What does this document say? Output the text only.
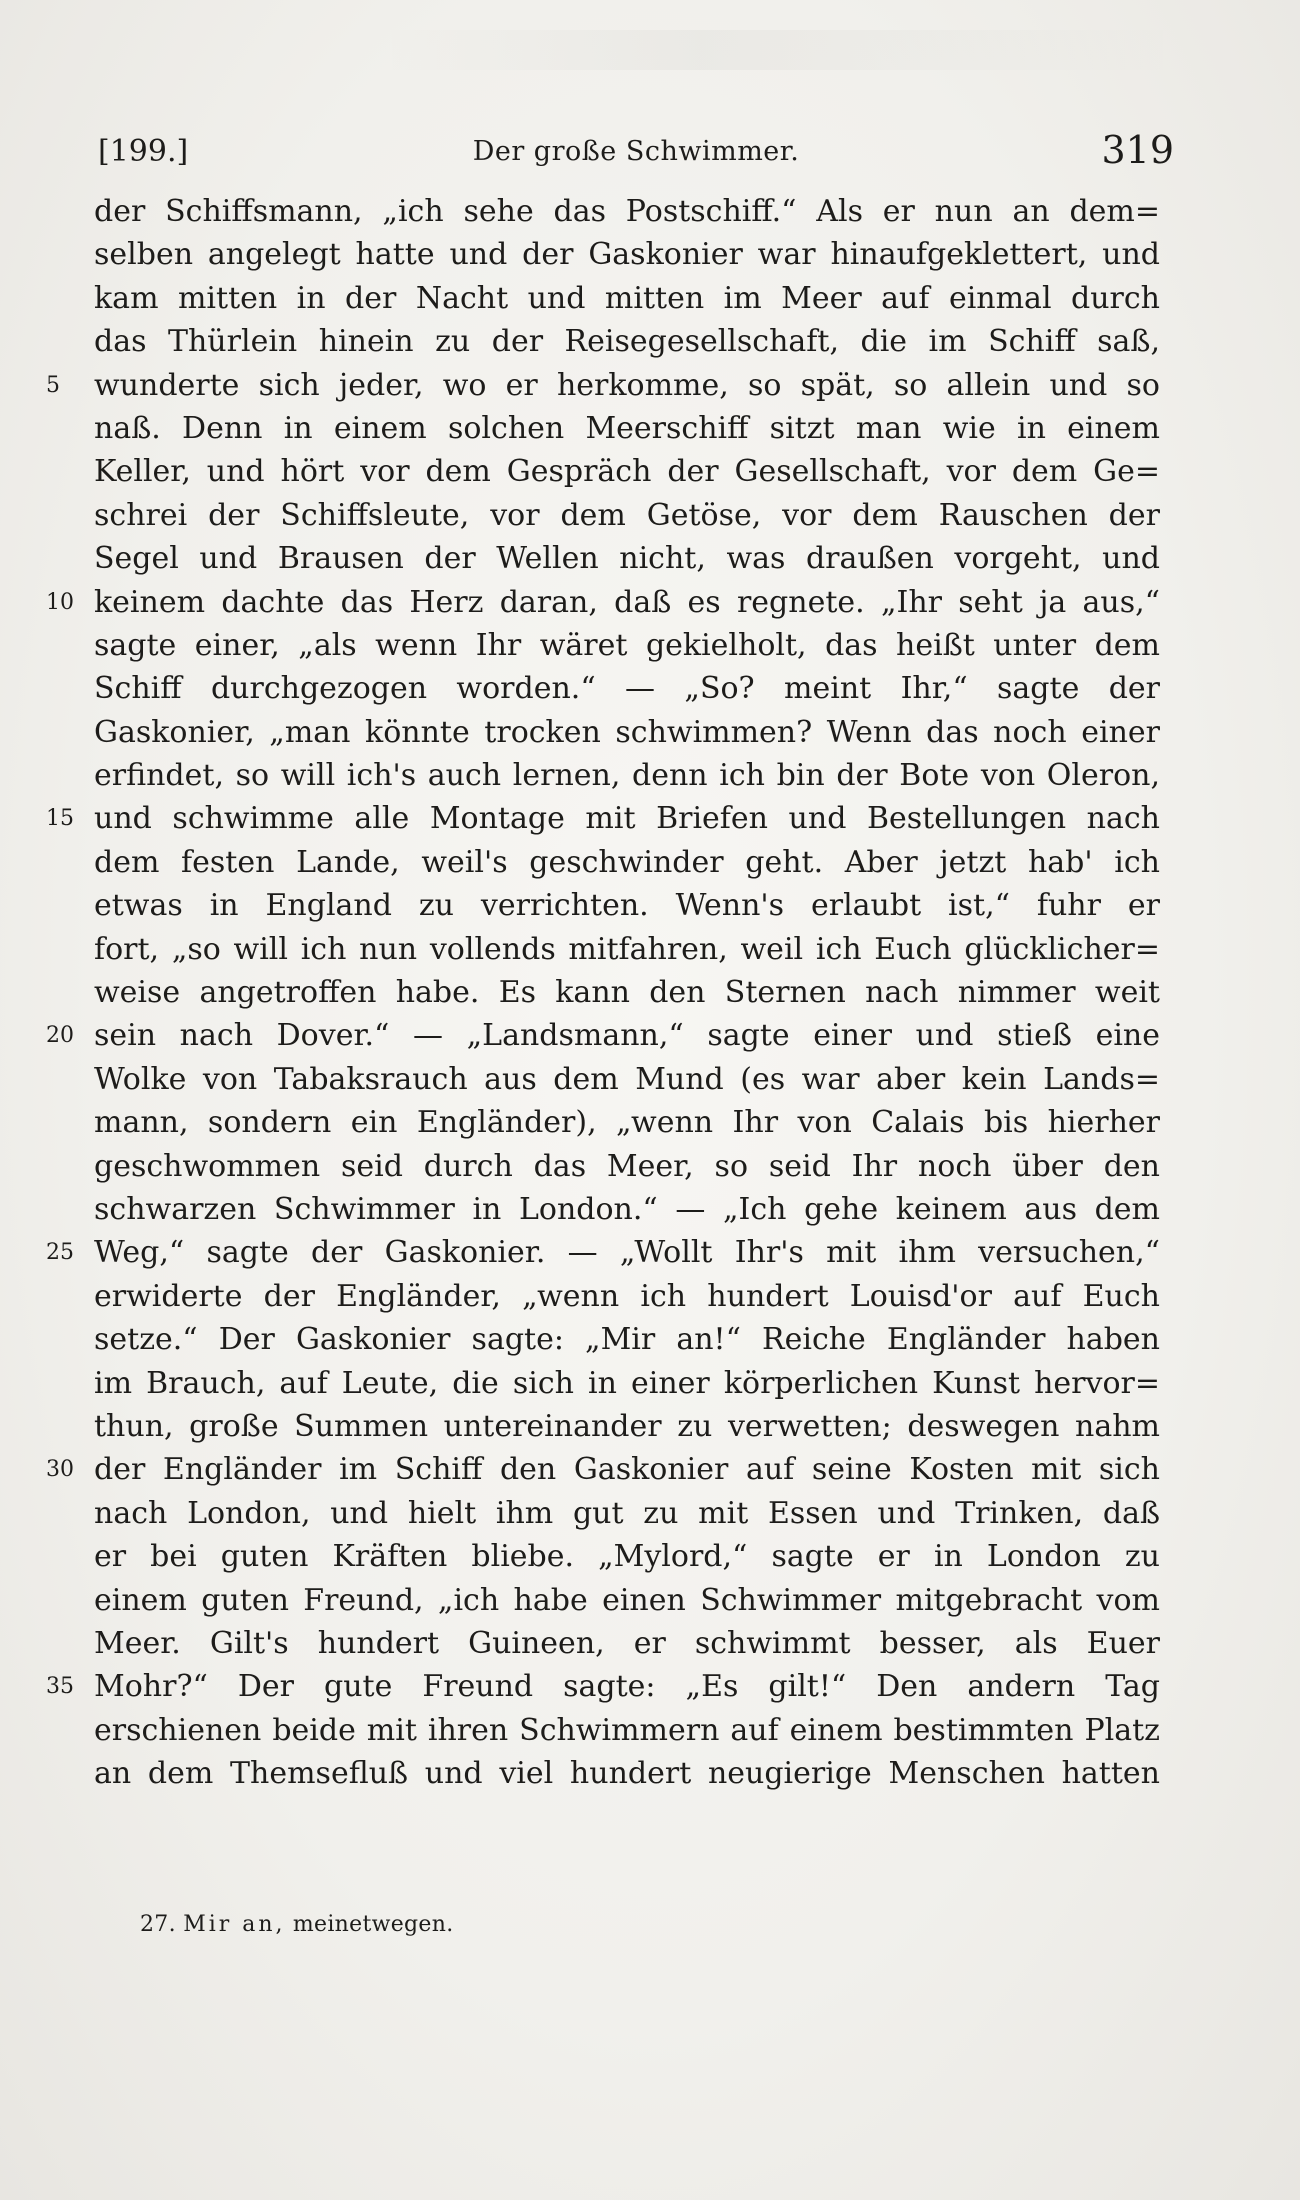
[199.]	Der große Schwimmer.	319
der Schiffsmann, „ich sehe das Postschiff.“ Als er nun an dem=
selben angelegt hatte und der Gaskonier war hinaufgeklettert, und
kam mitten in der Nacht und mitten im Meer auf einmal durch
das Thürlein hinein zu der Reisegesellschaft, die im Schiff saß,
5	wunderte sich jeder, wo er herkomme, so spät, so allein und so
naß. Denn in einem solchen Meerschiff sitzt man wie in einem
Keller, und hört vor dem Gespräch der Gesellschaft, vor dem Ge=
schrei der Schiffsleute, vor dem Getöse, vor dem Rauschen der
Segel und Brausen der Wellen nicht, was draußen vorgeht, und
10 keinem dachte das Herz daran, daß es regnete. „Ihr seht ja aus,“
sagte einer, „als wenn Ihr wäret gekielholt, das heißt unter dem
Schiff durchgezogen worden.“ — „So? meint Ihr,“ sagte der
Gaskonier, „man könnte trocken schwimmen? Wenn das noch einer
erfindet, so will ich's auch lernen, denn ich bin der Bote von Oleron,
15 und schwimme alle Montage mit Briefen und Bestellungen nach
dem festen Lande, weil's geschwinder geht. Aber jetzt hab' ich
etwas in England zu verrichten. Wenn's erlaubt ist,“ fuhr er
fort, „so will ich nun vollends mitfahren, weil ich Euch glücklicher=
weise angetroffen habe. Es kann den Sternen nach nimmer weit
20 sein nach Dover.“ — „Landsmann,“ sagte einer und stieß eine
Wolke von Tabaksrauch aus dem Mund (es war aber kein Lands=
mann, sondern ein Engländer), „wenn Ihr von Calais bis hierher
geschwommen seid durch das Meer, so seid Ihr noch über den
schwarzen Schwimmer in London.“ — „Ich gehe keinem aus dem
25 Weg,“ sagte der Gaskonier. — „Wollt Ihr's mit ihm versuchen,“
erwiderte der Engländer, „wenn ich hundert Louisd'or auf Euch
setze.“ Der Gaskonier sagte: „Mir an!“ Reiche Engländer haben
im Brauch, auf Leute, die sich in einer körperlichen Kunst hervor=
thun, große Summen untereinander zu verwetten; deswegen nahm
30 der Engländer im Schiff den Gaskonier auf seine Kosten mit sich
nach London, und hielt ihm gut zu mit Essen und Trinken, daß
er bei guten Kräften bliebe. „Mylord,“ sagte er in London zu
einem guten Freund, „ich habe einen Schwimmer mitgebracht vom
Meer. Gilt's hundert Guineen, er schwimmt besser, als Euer
35 Mohr?“ Der gute Freund sagte: „Es gilt!“ Den andern Tag
erschienen beide mit ihren Schwimmern auf einem bestimmten Platz
an dem Themsefluß und viel hundert neugierige Menschen hatten
27. Mir an, meinetwegen.
